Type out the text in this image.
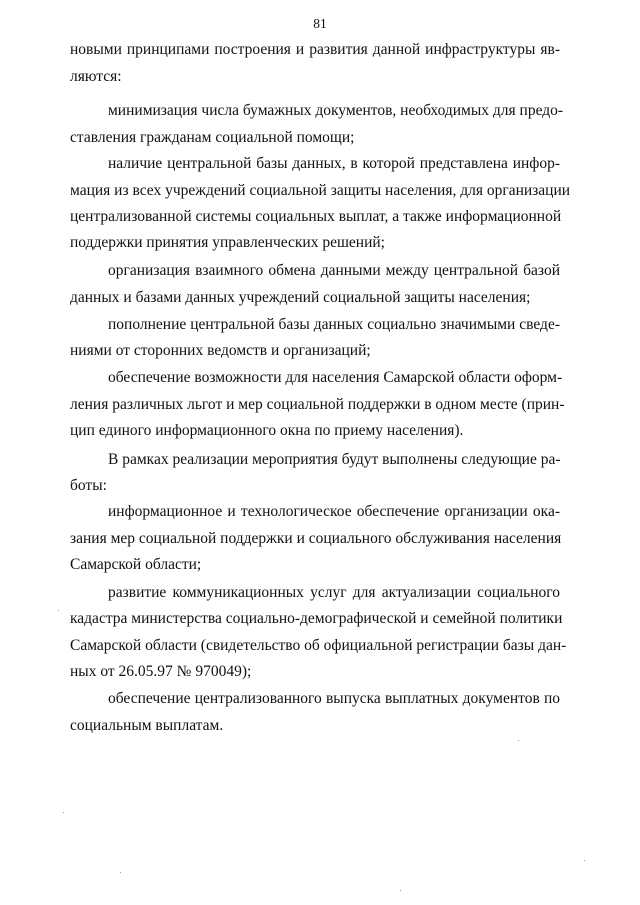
81
новыми принципами построения и развития данной инфраструктуры яв-
ляются:
минимизация числа бумажных документов, необходимых для предо-
ставления гражданам социальной помощи;
наличие центральной базы данных, в которой представлена инфор-
мация из всех учреждений социальной защиты населения, для организации
централизованной системы социальных выплат, а также информационной
поддержки принятия управленческих решений;
организация взаимного обмена данными между центральной базой
данных и базами данных учреждений социальной защиты населения;
пополнение центральной базы данных социально значимыми сведе-
ниями от сторонних ведомств и организаций;
обеспечение возможности для населения Самарской области оформ-
ления различных льгот и мер социальной поддержки в одном месте (прин-
цип единого информационного окна по приему населения).
В рамках реализации мероприятия будут выполнены следующие ра-
боты:
информационное и технологическое обеспечение организации ока-
зания мер социальной поддержки и социального обслуживания населения
Самарской области;
развитие коммуникационных услуг для актуализации социального
кадастра министерства социально-демографической и семейной политики
Самарской области (свидетельство об официальной регистрации базы дан-
ных от 26.05.97 № 970049);
обеспечение централизованного выпуска выплатных документов по
социальным выплатам.
